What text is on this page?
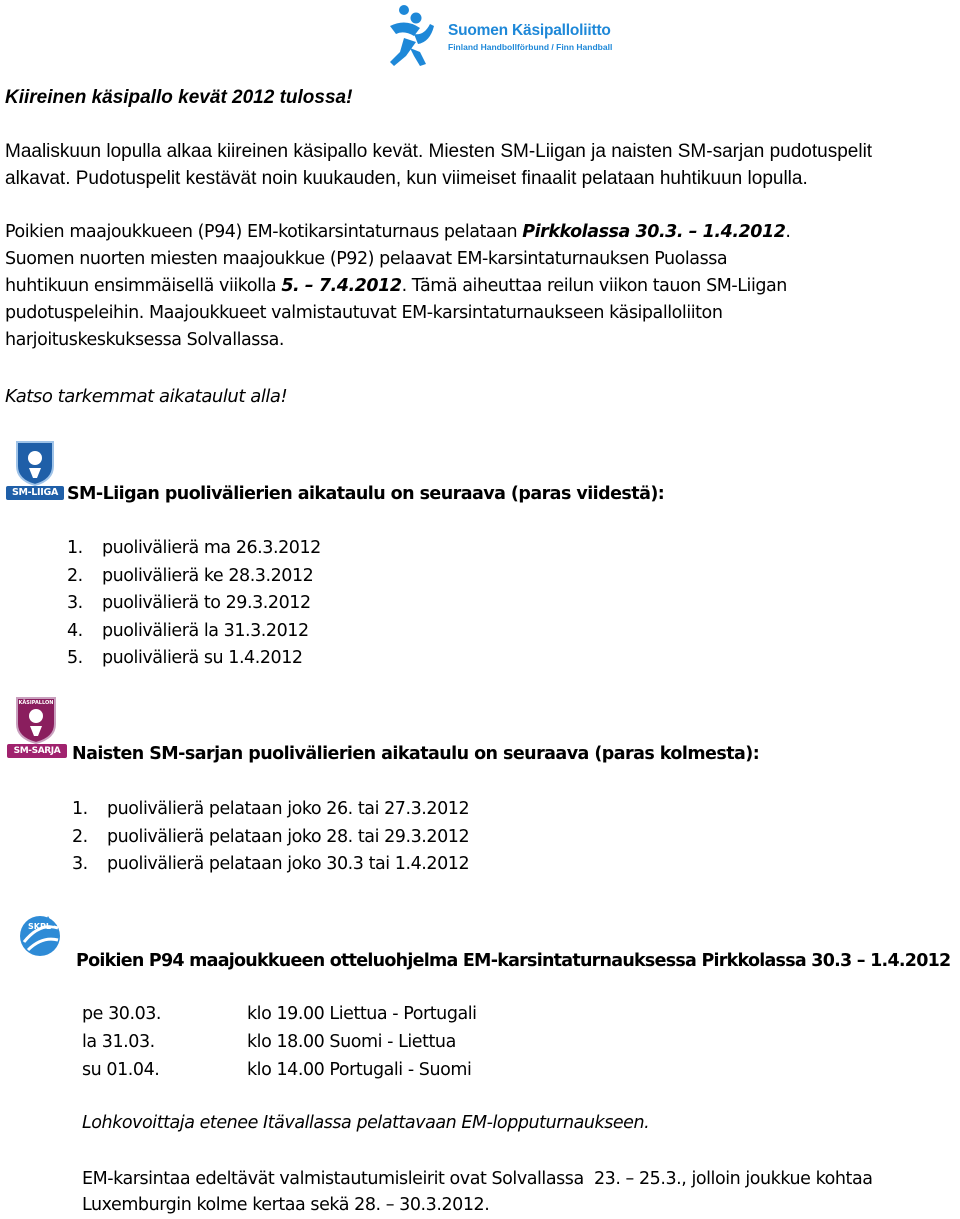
Suomen Käsipalloliitto
Finland Handbollförbund / Finn Handball
Kiireinen käsipallo kevät 2012 tulossa!
Maaliskuun lopulla alkaa kiireinen käsipallo kevät. Miesten SM-Liigan ja naisten SM-sarjan pudotuspelit
alkavat. Pudotuspelit kestävät noin kuukauden, kun viimeiset finaalit pelataan huhtikuun lopulla.
Poikien maajoukkueen (P94) EM-kotikarsintaturnaus pelataan Pirkkolassa 30.3. – 1.4.2012.
Suomen nuorten miesten maajoukkue (P92) pelaavat EM-karsintaturnauksen Puolassa
huhtikuun ensimmäisellä viikolla 5. – 7.4.2012. Tämä aiheuttaa reilun viikon tauon SM-Liigan
pudotuspeleihin. Maajoukkueet valmistautuvat EM-karsintaturnaukseen käsipalloliiton
harjoituskeskuksessa Solvallassa.
Katso tarkemmat aikataulut alla!
SM-LIIGA SM-Liigan puolivälierien aikataulu on seuraava (paras viidestä):
1. puolivälierä ma 26.3.2012
2. puolivälierä ke 28.3.2012
3. puolivälierä to 29.3.2012
4. puolivälierä la 31.3.2012
5. puolivälierä su 1.4.2012
KÄSIPALLON
SM-SARJA Naisten SM-sarjan puolivälierien aikataulu on seuraava (paras kolmesta):
1. puolivälierä pelataan joko 26. tai 27.3.2012
2. puolivälierä pelataan joko 28. tai 29.3.2012
3. puolivälierä pelataan joko 30.3 tai 1.4.2012
SKPL
Poikien P94 maajoukkueen otteluohjelma EM-karsintaturnauksessa Pirkkolassa 30.3 – 1.4.2012
pe 30.03.	klo 19.00 Liettua - Portugali
la 31.03.	klo 18.00 Suomi - Liettua
su 01.04.	klo 14.00 Portugali - Suomi
Lohkovoittaja etenee Itävallassa pelattavaan EM-lopputurnaukseen.
EM-karsintaa edeltävät valmistautumisleirit ovat Solvallassa  23. – 25.3., jolloin joukkue kohtaa
Luxemburgin kolme kertaa sekä 28. – 30.3.2012.
